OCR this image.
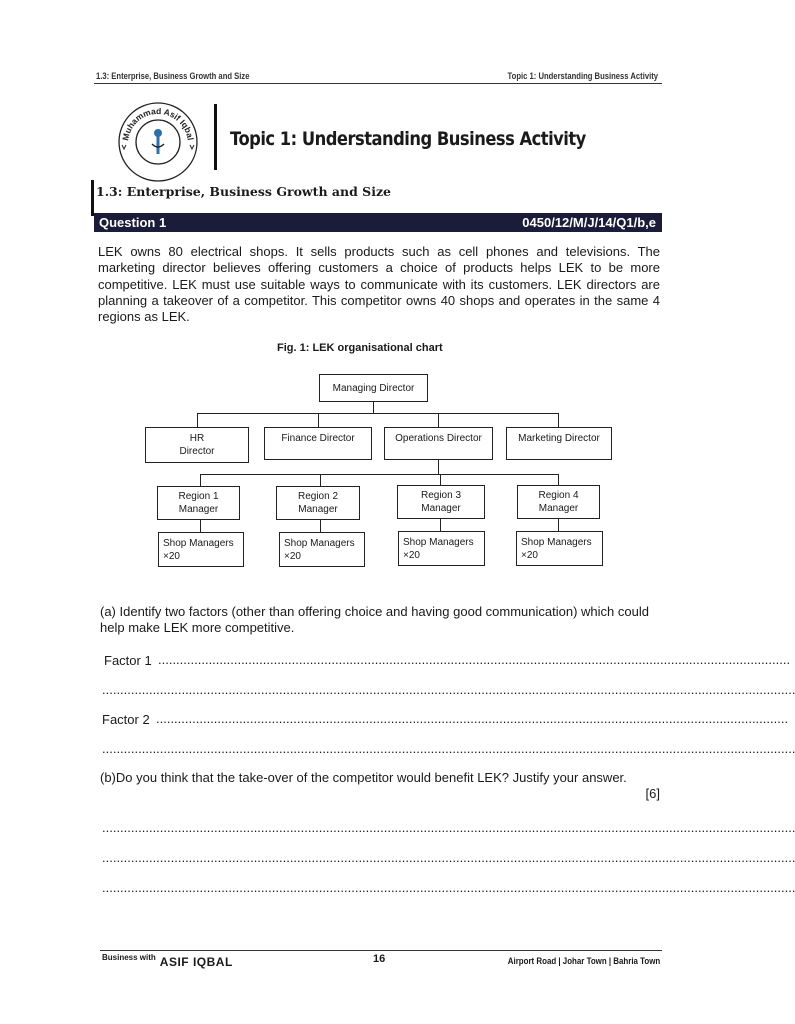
1.3: Enterprise, Business Growth and Size	Topic 1: Understanding Business Activity
Muhammad Asif Iqbal Topic 1: Understanding Business Activity
1.3: Enterprise, Business Growth and Size
Question 1	0450/12/M/J/14/Q1/b,e
LEK owns 80 electrical shops. It sells products such as cell phones and televisions. The marketing director believes offering customers a choice of products helps LEK to be more competitive. LEK must use suitable ways to communicate with its customers. LEK directors are planning a takeover of a competitor. This competitor owns 40 shops and operates in the same 4 regions as LEK.
Fig. 1: LEK organisational chart
Managing Director
HR Director
Finance Director	Operations Director	Marketing Director
Region 1 Manager
Region 2 Manager
Region 3 Manager
Region 4 Manager
Shop Managers ×20
Shop Managers ×20
Shop Managers ×20
Shop Managers ×20
(a) Identify two factors (other than offering choice and having good communication) which could help make LEK more competitive.
Factor 1 ...............................................................................................................................................................................
................................................................................................................................................................................................
Factor 2 ...............................................................................................................................................................................
................................................................................................................................................................................................
(b)Do you think that the take-over of the competitor would benefit LEK? Justify your answer.
[6]
................................................................................................................................................................................................
................................................................................................................................................................................................
................................................................................................................................................................................................
$^{Business with}$ ASIF IQBAL	16	Airport Road | Johar Town | Bahria Town
